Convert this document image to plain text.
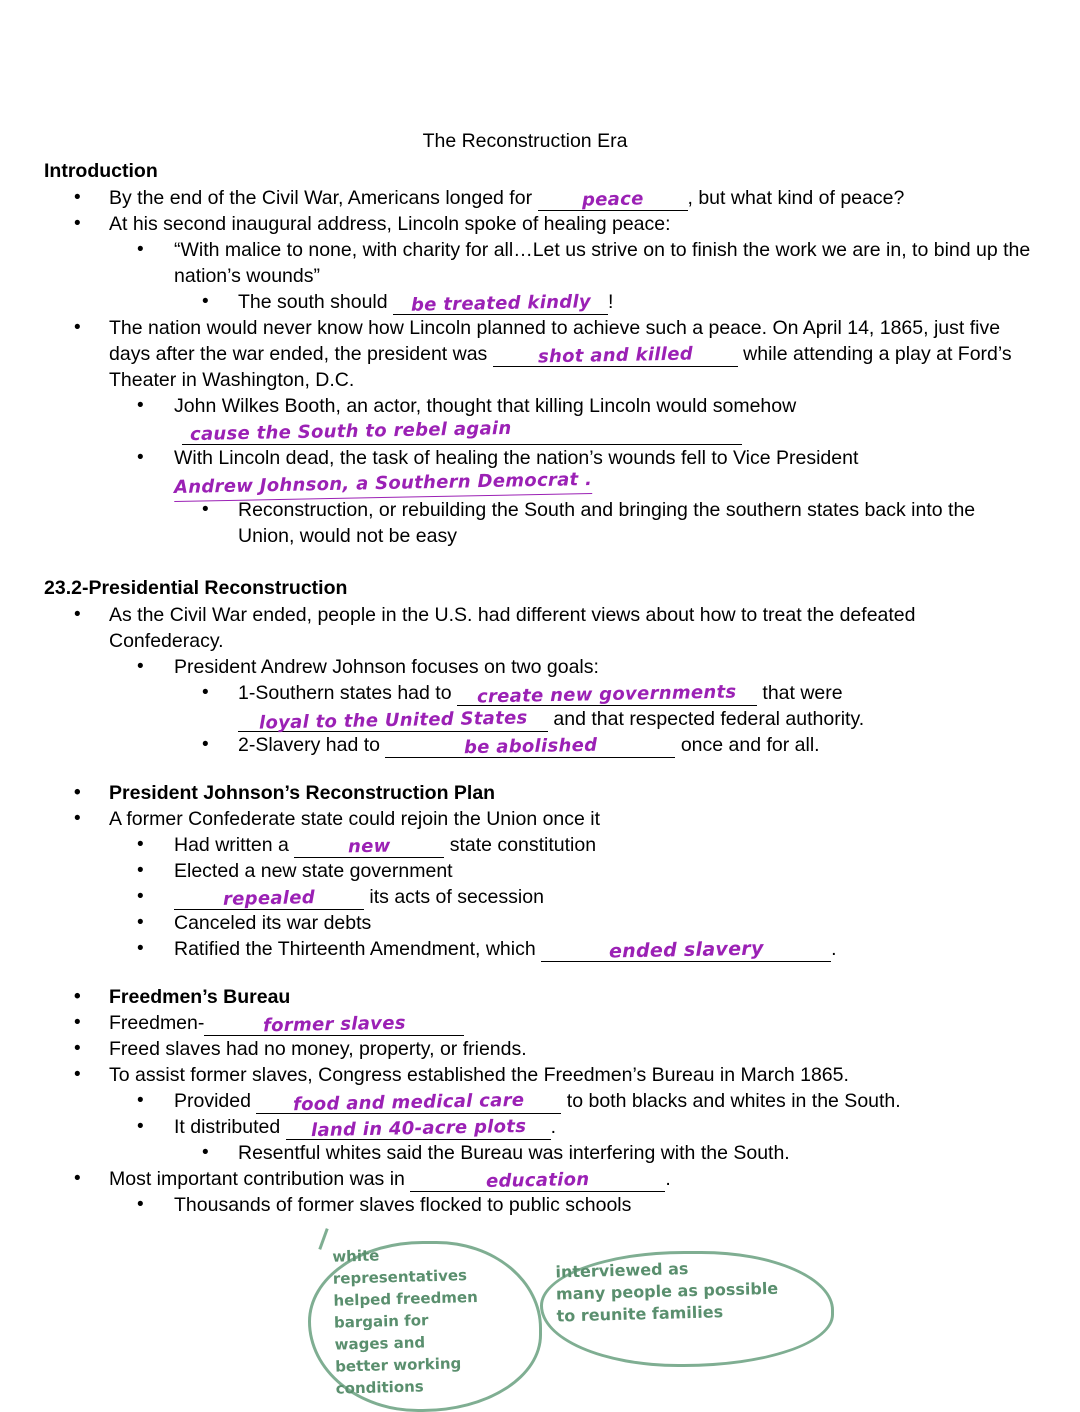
The Reconstruction Era
Introduction
• By the end of the Civil War, Americans longed for peace , but what kind of peace?
• At his second inaugural address, Lincoln spoke of healing peace:
• “With malice to none, with charity for all…Let us strive on to finish the work we are in, to bind up the nation’s wounds”
• The south should be treated kindly !
• The nation would never know how Lincoln planned to achieve such a peace. On April 14, 1865, just five days after the war ended, the president was shot and killed while attending a play at Ford’s Theater in Washington, D.C.
• John Wilkes Booth, an actor, thought that killing Lincoln would somehow
cause the South to rebel again
• With Lincoln dead, the task of healing the nation’s wounds fell to Vice President
Andrew Johnson, a Southern Democrat .
• Reconstruction, or rebuilding the South and bringing the southern states back into the Union, would not be easy
23.2-Presidential Reconstruction
• As the Civil War ended, people in the U.S. had different views about how to treat the defeated Confederacy.
• President Andrew Johnson focuses on two goals:
• 1-Southern states had to create new governments that were
loyal to the United States and that respected federal authority.
• 2-Slavery had to	be abolished	once and for all.
• President Johnson’s Reconstruction Plan
• A former Confederate state could rejoin the Union once it
• Had written a	new	state constitution
• Elected a new state government
• repealed	its acts of secession
• Canceled its war debts
• Ratified the Thirteenth Amendment, which	ended slavery	.
• Freedmen’s Bureau
• Freedmen-	former slaves
• Freed slaves had no money, property, or friends.
• To assist former slaves, Congress established the Freedmen’s Bureau in March 1865.
• Provided food and medical care to both blacks and whites in the South.
• It distributed land in 40-acre plots .
• Resentful whites said the Bureau was interfering with the South.
• Most important contribution was in	education	.
• Thousands of former slaves flocked to public schools
white
representatives
helped freedmen
bargain for
wages and
better working
conditions
interviewed as
many people as possible
to reunite families
